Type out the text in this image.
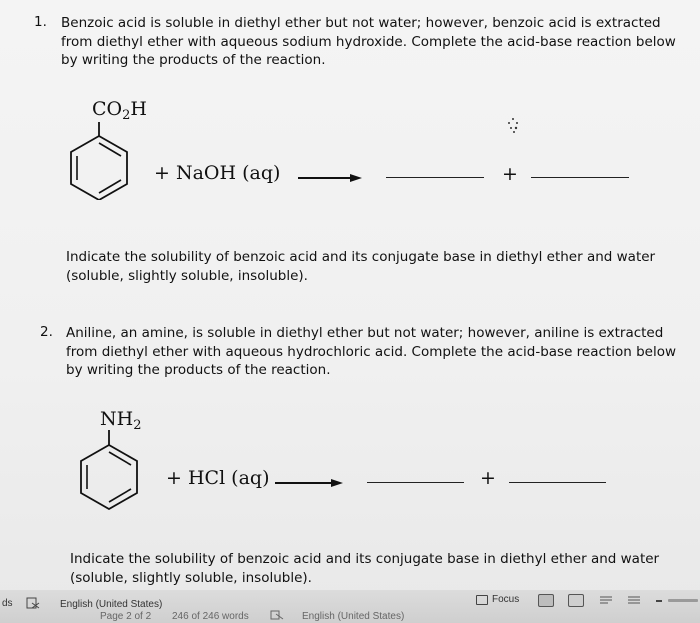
1. Benzoic acid is soluble in diethyl ether but not water; however, benzoic acid is extracted from diethyl ether with aqueous sodium hydroxide. Complete the acid-base reaction below by writing the products of the reaction.
$CO_2H$
+ NaOH (aq)	+
Indicate the solubility of benzoic acid and its conjugate base in diethyl ether and water (soluble, slightly soluble, insoluble).
2. Aniline, an amine, is soluble in diethyl ether but not water; however, aniline is extracted from diethyl ether with aqueous hydrochloric acid. Complete the acid-base reaction below by writing the products of the reaction.
$NH_2$
+ HCl (aq)	+
Indicate the solubility of benzoic acid and its conjugate base in diethyl ether and water (soluble, slightly soluble, insoluble).
ds	English (United States)
Page 2 of 2 246 of 246 words	English (United States)
Focus
